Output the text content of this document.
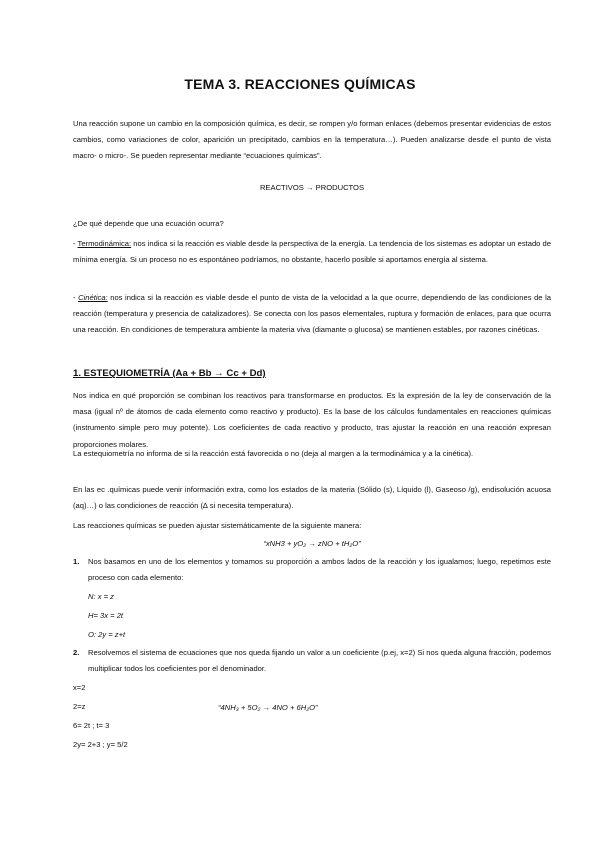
TEMA 3. REACCIONES QUÍMICAS
Una reacción supone un cambio en la composición química, es decir, se rompen y/o forman enlaces (debemos presentar evidencias de estos cambios, como variaciones de color, aparición un precipitado, cambios en la temperatura…). Pueden analizarse desde el punto de vista macro- o micro-. Se pueden representar mediante “ecuaciones químicas”.
REACTIVOS → PRODUCTOS
¿De qué depende que una ecuación ocurra?
- Termodinámica: nos indica si la reacción es viable desde la perspectiva de la energía. La tendencia de los sistemas es adoptar un estado de mínima energía. Si un proceso no es espontáneo podríamos, no obstante, hacerlo posible si aportamos energía al sistema.
- Cinética: nos indica si la reacción es viable desde el punto de vista de la velocidad a la que ocurre, dependiendo de las condiciones de la reacción (temperatura y presencia de catalizadores). Se conecta con los pasos elementales, ruptura y formación de enlaces, para que ocurra una reacción. En condiciones de temperatura ambiente la materia viva (diamante o glucosa) se mantienen estables, por razones cinéticas.
1. ESTEQUIOMETRÍA (Aa + Bb → Cc + Dd)
Nos indica en qué proporción se combinan los reactivos para transformarse en productos. Es la expresión de la ley de conservación de la masa (igual nº de átomos de cada elemento como reactivo y producto). Es la base de los cálculos fundamentales en reacciones químicas (instrumento simple pero muy potente). Los coeficientes de cada reactivo y producto, tras ajustar la reacción en una reacción expresan proporciones molares.
La estequiometría no informa de si la reacción está favorecida o no (deja al margen a la termodinámica y a la cinética).
En las ec .químicas puede venir información extra, como los estados de la materia (Sólido (s), Líquido (l), Gaseoso /g), endisolución acuosa (aq)…) o las condiciones de reacción (∆ si necesita temperatura).
Las reacciones químicas se pueden ajustar sistemáticamente de la siguiente manera:
“xNH3 + yO₂ → zNO + tH₂O”
1. Nos basamos en uno de los elementos y tomamos su proporción a ambos lados de la reacción y los igualamos; luego, repetimos este proceso con cada elemento:
N: x = z
H= 3x = 2t
O: 2y = z+t
2. Resolvemos el sistema de ecuaciones que nos queda fijando un valor a un coeficiente (p.ej, x=2) Si nos queda alguna fracción, podemos multiplicar todos los coeficientes por el denominador.
x=2
2=z	“4NH₃ + 5O₂ → 4NO + 6H₂O”
6= 2t ; t= 3
2y= 2+3 ; y= 5/2
